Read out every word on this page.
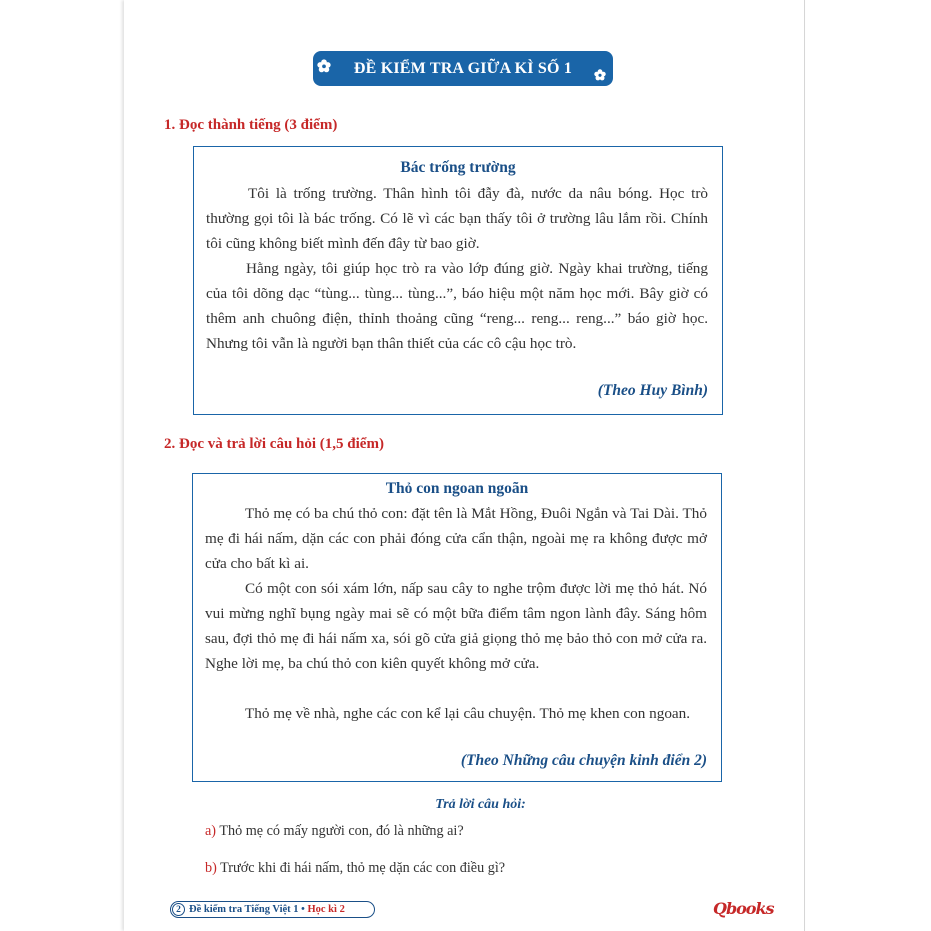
ĐỀ KIỂM TRA GIỮA KÌ SỐ 1
1. Đọc thành tiếng (3 điểm)
Bác trống trường

Tôi là trống trường. Thân hình tôi đẫy đà, nước da nâu bóng. Học trò thường gọi tôi là bác trống. Có lẽ vì các bạn thấy tôi ở trường lâu lắm rồi. Chính tôi cũng không biết mình đến đây từ bao giờ.

Hằng ngày, tôi giúp học trò ra vào lớp đúng giờ. Ngày khai trường, tiếng của tôi dõng dạc “tùng... tùng... tùng...”, báo hiệu một năm học mới. Bây giờ có thêm anh chuông điện, thỉnh thoảng cũng “reng... reng... reng...” báo giờ học. Nhưng tôi vẫn là người bạn thân thiết của các cô cậu học trò.

(Theo Huy Bình)
2. Đọc và trả lời câu hỏi (1,5 điểm)
Thỏ con ngoan ngoãn

Thỏ mẹ có ba chú thỏ con: đặt tên là Mắt Hồng, Đuôi Ngắn và Tai Dài. Thỏ mẹ đi hái nấm, dặn các con phải đóng cửa cẩn thận, ngoài mẹ ra không được mở cửa cho bất kì ai.

Có một con sói xám lớn, nấp sau cây to nghe trộm được lời mẹ thỏ hát. Nó vui mừng nghĩ bụng ngày mai sẽ có một bữa điểm tâm ngon lành đây. Sáng hôm sau, đợi thỏ mẹ đi hái nấm xa, sói gõ cửa giả giọng thỏ mẹ bảo thỏ con mở cửa ra. Nghe lời mẹ, ba chú thỏ con kiên quyết không mở cửa.

Thỏ mẹ về nhà, nghe các con kể lại câu chuyện. Thỏ mẹ khen con ngoan.

(Theo Những câu chuyện kinh điển 2)
Trả lời câu hỏi:
a) Thỏ mẹ có mấy người con, đó là những ai?
b) Trước khi đi hái nấm, thỏ mẹ dặn các con điều gì?
2 Đề kiểm tra Tiếng Việt 1 •
Học kì 2	Qbooks
